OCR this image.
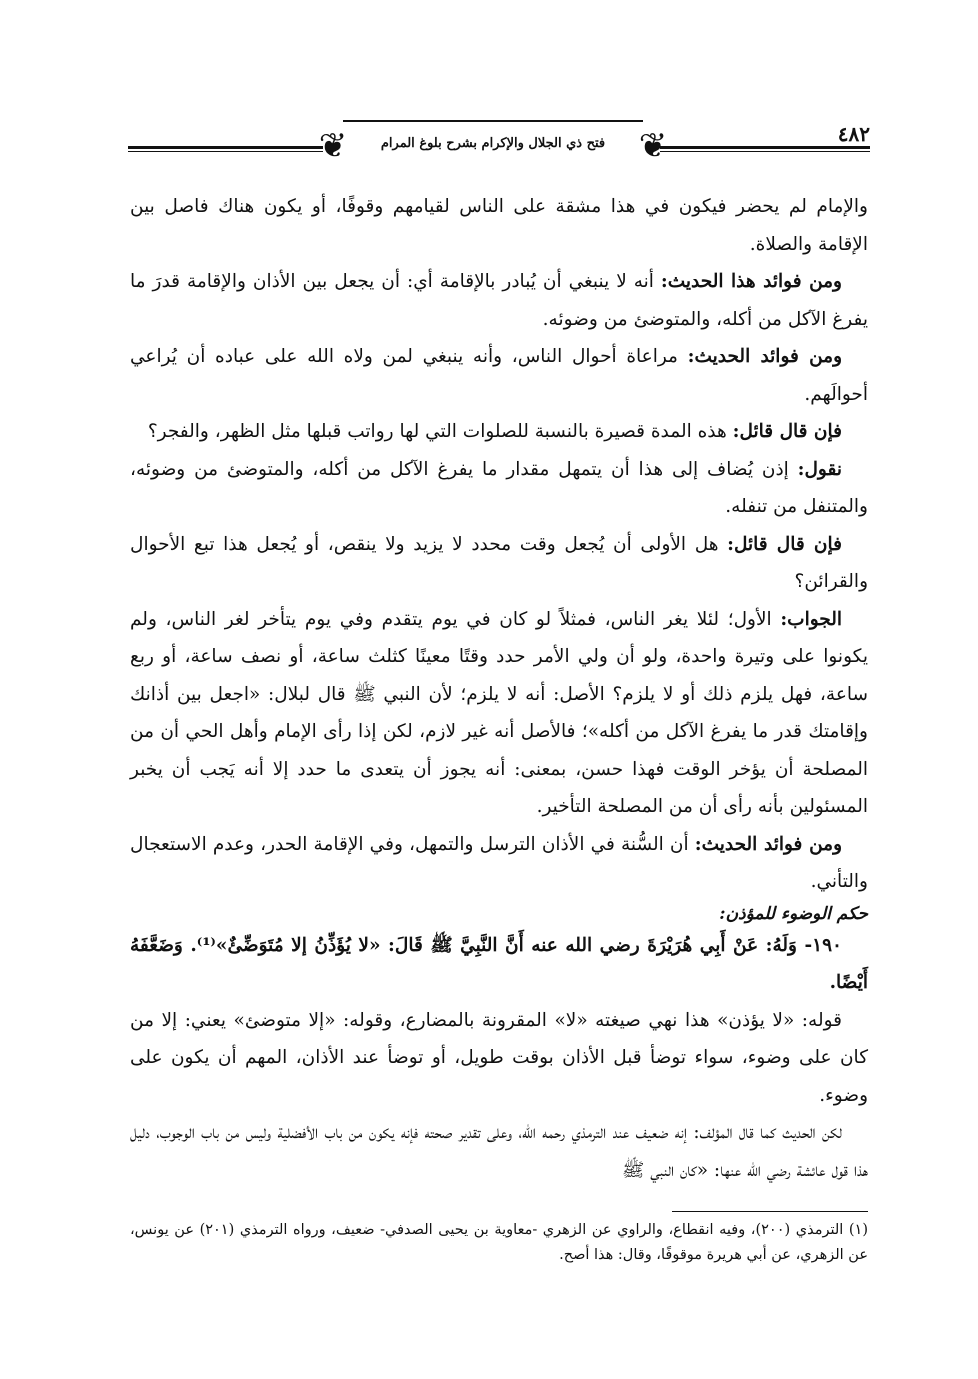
٤٨٢
❦	❦
فتح ذي الجلال والإكرام بشرح بلوغ المرام

والإمام لم يحضر فيكون في هذا مشقة على الناس لقيامهم وقوفًا، أو يكون هناك فاصل بين الإقامة والصلاة.

ومن فوائد هذا الحديث: أنه لا ينبغي أن يُبادر بالإقامة أي: أن يجعل بين الأذان والإقامة قدرَ ما يفرغ الآكل من أكله، والمتوضئ من وضوئه.

ومن فوائد الحديث: مراعاة أحوال الناس، وأنه ينبغي لمن ولاه الله على عباده أن يُراعي أحوالَهم.

فإن قال قائل: هذه المدة قصيرة بالنسبة للصلوات التي لها رواتب قبلها مثل الظهر، والفجر؟

نقول: إذن يُضاف إلى هذا أن يتمهل مقدار ما يفرغ الآكل من أكله، والمتوضئ من وضوئه، والمتنفل من تنفله.

فإن قال قائل: هل الأولى أن يُجعل وقت محدد لا يزيد ولا ينقص، أو يُجعل هذا تبع الأحوال والقرائن؟

الجواب: الأول؛ لئلا يغر الناس، فمثلاً لو كان في يوم يتقدم وفي يوم يتأخر لغر الناس، ولم يكونوا على وتيرة واحدة، ولو أن ولي الأمر حدد وقتًا معينًا كثلث ساعة، أو نصف ساعة، أو ربع ساعة، فهل يلزم ذلك أو لا يلزم؟ الأصل: أنه لا يلزم؛ لأن النبي ﷺ قال لبلال: «اجعل بين أذانك وإقامتك قدر ما يفرغ الآكل من أكله»؛ فالأصل أنه غير لازم، لكن إذا رأى الإمام وأهل الحي أن من المصلحة أن يؤخر الوقت فهذا حسن، بمعنى: أنه يجوز أن يتعدى ما حدد إلا أنه يَجب أن يخبر المسئولين بأنه رأى أن من المصلحة التأخير.

ومن فوائد الحديث: أن السُّنة في الأذان الترسل والتمهل، وفي الإقامة الحدر، وعدم الاستعجال والتأني.

حكم الوضوء للمؤذن:

١٩٠- وَلَهُ: عَنْ أَبِي هُرَيْرَةَ رضي الله عنه أَنَّ النَّبِيَّ ﷺ قَالَ: «لا يُؤَذِّنُ إلا مُتَوَضِّئٌ»⁽¹⁾. وَضَعَّفَهُ أَيْضًا.

قوله: «لا يؤذن» هذا نهي صيغته «لا» المقرونة بالمضارع، وقوله: «إلا متوضئ» يعني: إلا من كان على وضوء، سواء توضأ قبل الأذان بوقت طويل، أو توضأ عند الأذان، المهم أن يكون على وضوء.

لكن الحديث كما قال المؤلف: إنه ضعيف عند الترمذي رحمه الله، وعلى تقدير صحته فإنه يكون من باب الأفضلية وليس من باب الوجوب، دليل هذا قول عائشة رضي الله عنها: «كان النبي ﷺ

(١) الترمذي (٢٠٠)، وفيه انقطاع، والراوي عن الزهري -معاوية بن يحيى الصدفي- ضعيف، ورواه الترمذي (٢٠١) عن يونس، عن الزهري، عن أبي هريرة موقوفًا، وقال: هذا أصح.
